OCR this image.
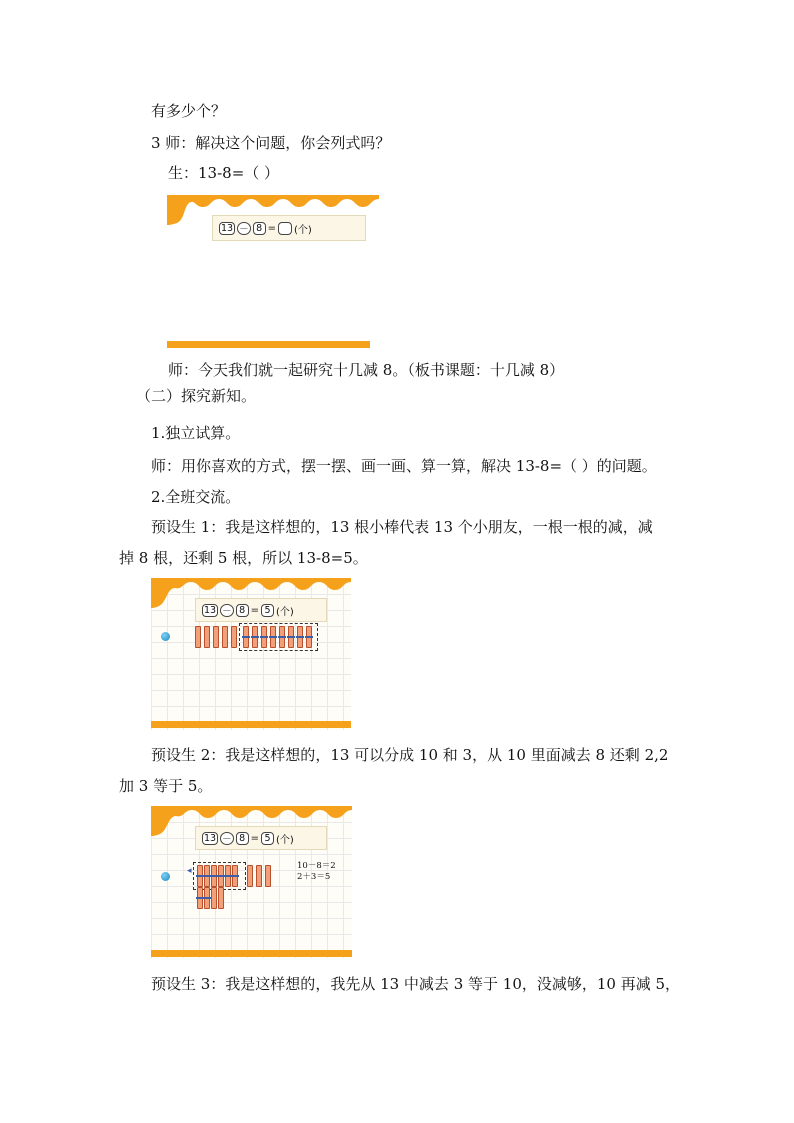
有多少个？
3 师：解决这个问题，你会列式吗？
生：13-8=（ ）
13 － 8 = (个)
师：今天我们就一起研究十几减 8。（板书课题：十几减 8）
（二）探究新知。
1.独立试算。
师：用你喜欢的方式，摆一摆、画一画、算一算，解决 13-8=（ ）的问题。
2.全班交流。
预设生 1：我是这样想的，13 根小棒代表 13 个小朋友，一根一根的减，减
掉 8 根，还剩 5 根，所以 13-8=5。
13 － 8 = 5 (个)
预设生 2：我是这样想的，13 可以分成 10 和 3，从 10 里面减去 8 还剩 2,2
加 3 等于 5。
13 － 8 = 5 (个)
◂	10－8＝2
2＋3＝5
预设生 3：我是这样想的，我先从 13 中减去 3 等于 10，没减够，10 再减 5，
